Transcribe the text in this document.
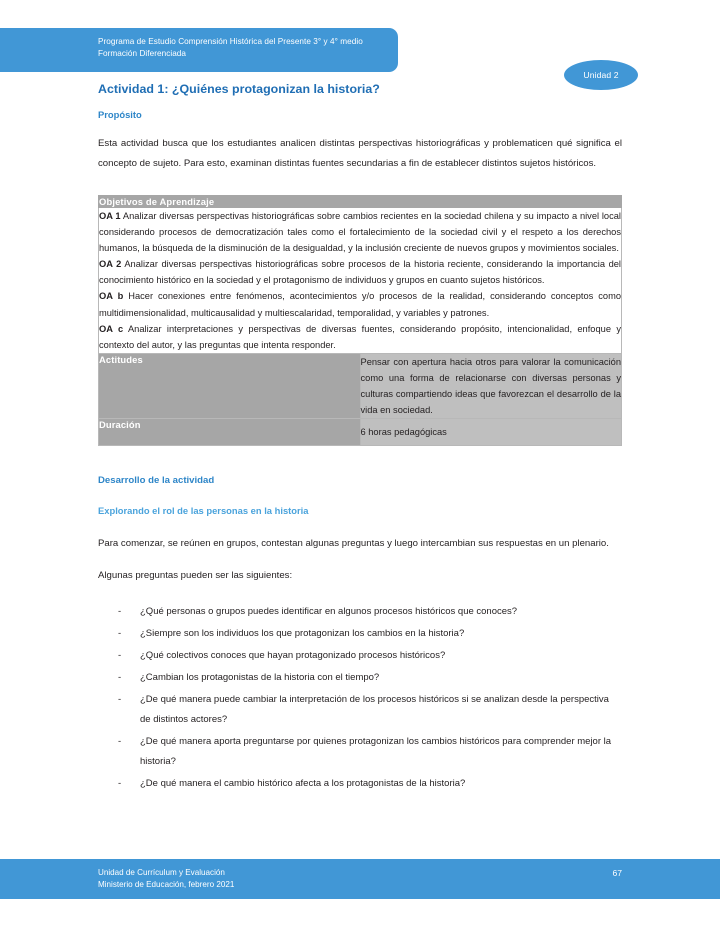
Programa de Estudio Comprensión Histórica del Presente 3° y 4° medio
Formación Diferenciada
Unidad 2
Actividad 1: ¿Quiénes protagonizan la historia?
Propósito

Esta actividad busca que los estudiantes analicen distintas perspectivas historiográficas y problematicen qué significa el concepto de sujeto. Para esto, examinan distintas fuentes secundarias a fin de establecer distintos sujetos históricos.

Objetivos de Aprendizaje	

OA 1 Analizar diversas perspectivas historiográficas sobre cambios recientes en la sociedad chilena y su impacto a nivel local considerando procesos de democratización tales como el fortalecimiento de la sociedad civil y el respeto a los derechos humanos, la búsqueda de la disminución de la desigualdad, y la inclusión creciente de nuevos grupos y movimientos sociales.

OA 2 Analizar diversas perspectivas historiográficas sobre procesos de la historia reciente, considerando la importancia del conocimiento histórico en la sociedad y el protagonismo de individuos y grupos en cuanto sujetos históricos.

OA b Hacer conexiones entre fenómenos, acontecimientos y/o procesos de la realidad, considerando conceptos como multidimensionalidad, multicausalidad y multiescalaridad, temporalidad, y variables y patrones.

OA c Analizar interpretaciones y perspectivas de diversas fuentes, considerando propósito, intencionalidad, enfoque y contexto del autor, y las preguntas que intenta responder.	

Actitudes	Pensar con apertura hacia otros para valorar la comunicación como una forma de relacionarse con diversas personas y culturas compartiendo ideas que favorezcan el desarrollo de la vida en sociedad.
Duración	6 horas pedagógicas
Desarrollo de la actividad
Explorando el rol de las personas en la historia

Para comenzar, se reúnen en grupos, contestan algunas preguntas y luego intercambian sus respuestas en un plenario.

Algunas preguntas pueden ser las siguientes:

- ¿Qué personas o grupos puedes identificar en algunos procesos históricos que conoces?
- ¿Siempre son los individuos los que protagonizan los cambios en la historia?
- ¿Qué colectivos conoces que hayan protagonizado procesos históricos?
- ¿Cambian los protagonistas de la historia con el tiempo?
- ¿De qué manera puede cambiar la interpretación de los procesos históricos si se analizan desde la perspectiva de distintos actores?
- ¿De qué manera aporta preguntarse por quienes protagonizan los cambios históricos para comprender mejor la historia?
- ¿De qué manera el cambio histórico afecta a los protagonistas de la historia?
Unidad de Currículum y Evaluación
Ministerio de Educación, febrero 2021
67
